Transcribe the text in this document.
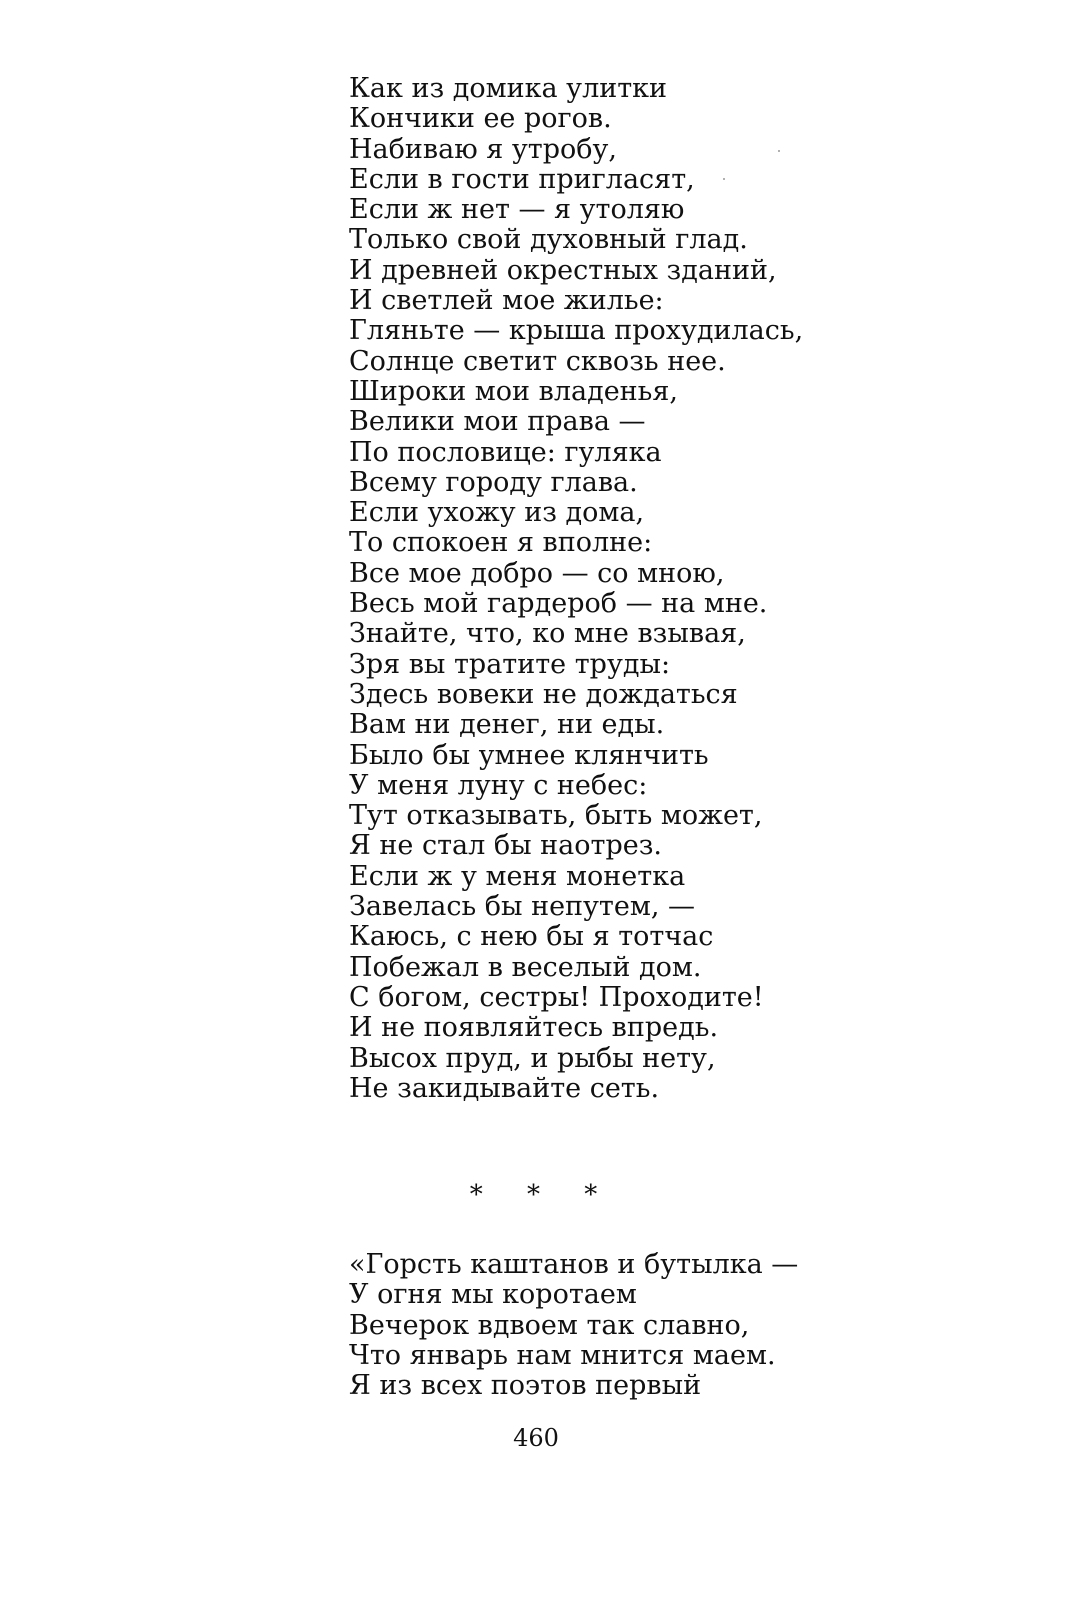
Как из домика улитки
Кончики ее рогов.
Набиваю я утробу,
Если в гости пригласят,
Если ж нет — я утоляю
Только свой духовный глад.
И древней окрестных зданий,
И светлей мое жилье:
Гляньте — крыша прохудилась,
Солнце светит сквозь нее.
Широки мои владенья,
Велики мои права —
По пословице: гуляка
Всему городу глава.
Если ухожу из дома,
То спокоен я вполне:
Все мое добро — со мною,
Весь мой гардероб — на мне.
Знайте, что, ко мне взывая,
Зря вы тратите труды:
Здесь вовеки не дождаться
Вам ни денег, ни еды.
Было бы умнее клянчить
У меня луну с небес:
Тут отказывать, быть может,
Я не стал бы наотрез.
Если ж у меня монетка
Завелась бы непутем, —
Каюсь, с нею бы я тотчас
Побежал в веселый дом.
С богом, сестры! Проходите!
И не появляйтесь впредь.
Высох пруд, и рыбы нету,
Не закидывайте сеть.
* * *
«Горсть каштанов и бутылка —
У огня мы коротаем
Вечерок вдвоем так славно,
Что январь нам мнится маем.
Я из всех поэтов первый
460
